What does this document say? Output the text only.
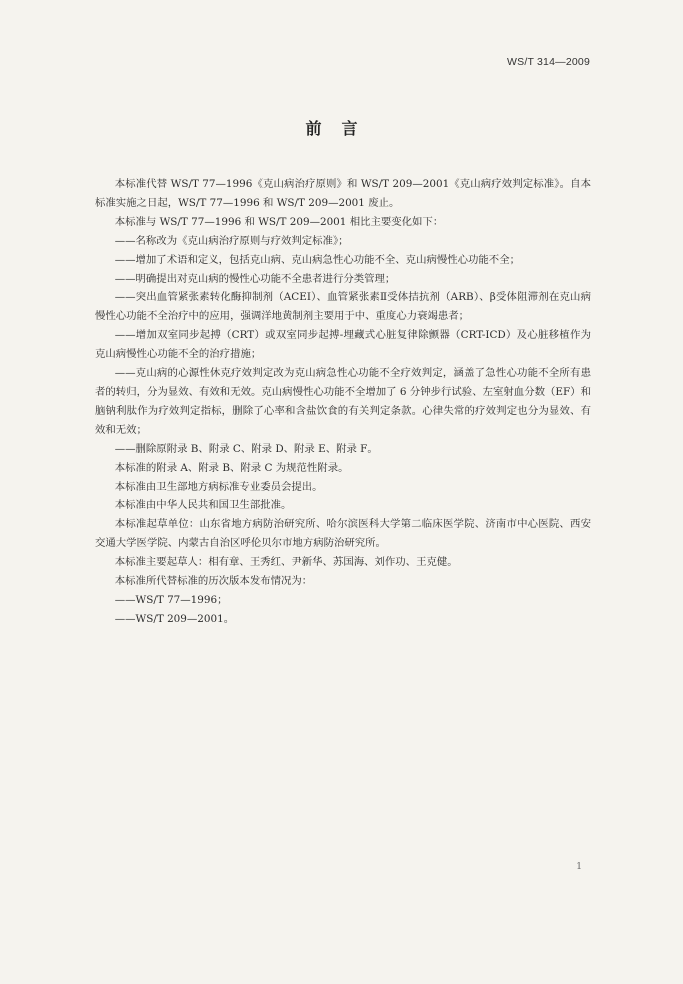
WS/T 314—2009
前言

本标准代替 WS/T 77—1996《克山病治疗原则》和 WS/T 209—2001《克山病疗效判定标准》。自本标准实施之日起，WS/T 77—1996 和 WS/T 209—2001 废止。

本标准与 WS/T 77—1996 和 WS/T 209—2001 相比主要变化如下：

——名称改为《克山病治疗原则与疗效判定标准》；

——增加了术语和定义，包括克山病、克山病急性心功能不全、克山病慢性心功能不全；

——明确提出对克山病的慢性心功能不全患者进行分类管理；

——突出血管紧张素转化酶抑制剂（ACEI）、血管紧张素Ⅱ受体拮抗剂（ARB）、β受体阻滞剂在克山病慢性心功能不全治疗中的应用，强调洋地黄制剂主要用于中、重度心力衰竭患者；

——增加双室同步起搏（CRT）或双室同步起搏-埋藏式心脏复律除颤器（CRT-ICD）及心脏移植作为克山病慢性心功能不全的治疗措施；

——克山病的心源性休克疗效判定改为克山病急性心功能不全疗效判定，涵盖了急性心功能不全所有患者的转归，分为显效、有效和无效。克山病慢性心功能不全增加了 6 分钟步行试验、左室射血分数（EF）和脑钠利肽作为疗效判定指标，删除了心率和含盐饮食的有关判定条款。心律失常的疗效判定也分为显效、有效和无效；

——删除原附录 B、附录 C、附录 D、附录 E、附录 F。

本标准的附录 A、附录 B、附录 C 为规范性附录。

本标准由卫生部地方病标准专业委员会提出。

本标准由中华人民共和国卫生部批准。

本标准起草单位：山东省地方病防治研究所、哈尔滨医科大学第二临床医学院、济南市中心医院、西安交通大学医学院、内蒙古自治区呼伦贝尔市地方病防治研究所。

本标准主要起草人：相有章、王秀红、尹新华、苏国海、刘作功、王克健。

本标准所代替标准的历次版本发布情况为：

——WS/T 77—1996；

——WS/T 209—2001。

1
